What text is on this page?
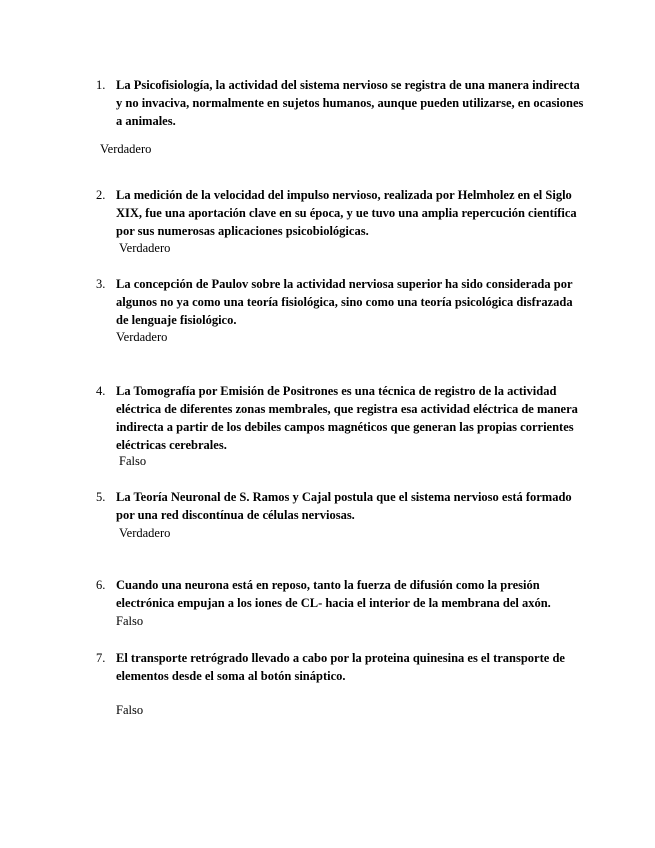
1. La Psicofisiología, la actividad del sistema nervioso se registra de una manera indirecta y no invaciva, normalmente en sujetos humanos, aunque pueden utilizarse, en ocasiones a animales.
Verdadero
2. La medición de la velocidad del impulso nervioso, realizada por Helmholez en el Siglo XIX, fue una aportación clave en su época, y ue tuvo una amplia repercución científica por sus numerosas aplicaciones psicobiológicas.
Verdadero
3. La concepción de Paulov sobre la actividad nerviosa superior ha sido considerada por algunos no ya como una teoría fisiológica, sino como una teoría psicológica disfrazada de lenguaje fisiológico.
Verdadero
4. La Tomografía por Emisión de Positrones es una técnica de registro de la actividad eléctrica de diferentes zonas membrales, que registra esa actividad eléctrica de manera indirecta a partir de los debiles campos magnéticos que generan las propias corrientes eléctricas cerebrales.
Falso
5. La Teoría Neuronal de S. Ramos y Cajal postula que el sistema nervioso está formado por una red discontínua de células nerviosas.
Verdadero
6. Cuando una neurona está en reposo, tanto la fuerza de difusión como la presión electrónica empujan a los iones de CL- hacia el interior de la membrana del axón.
Falso
7. El transporte retrógrado llevado a cabo por la proteina quinesina es el transporte de elementos desde el soma al botón sináptico.
Falso
